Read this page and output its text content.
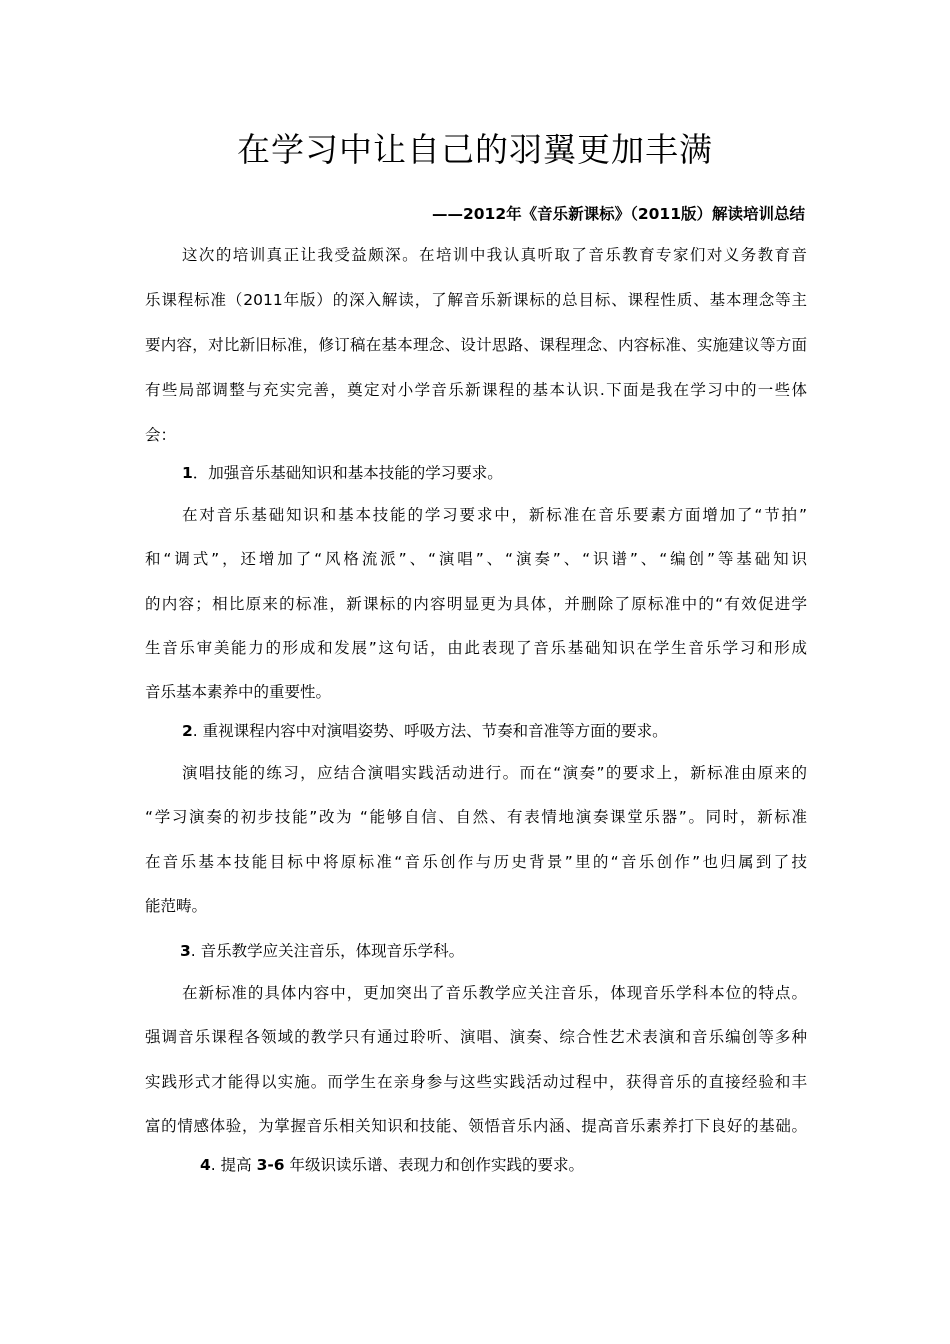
在学习中让自己的羽翼更加丰满
——2012年《音乐新课标》（2011版）解读培训总结
这次的培训真正让我受益颇深。在培训中我认真听取了音乐教育专家们对义务教育音
乐课程标准（2011年版）的深入解读，了解音乐新课标的总目标、课程性质、基本理念等主
要内容，对比新旧标准，修订稿在基本理念、设计思路、课程理念、内容标准、实施建议等方面
有些局部调整与充实完善，奠定对小学音乐新课程的基本认识.下面是我在学习中的一些体
会：
1．加强音乐基础知识和基本技能的学习要求。
在对音乐基础知识和基本技能的学习要求中，新标准在音乐要素方面增加了“节拍”
和“调式”，还增加了“风格流派”、“演唱”、“演奏”、“识谱”、“编创”等基础知识
的内容；相比原来的标准，新课标的内容明显更为具体，并删除了原标准中的“有效促进学
生音乐审美能力的形成和发展”这句话，由此表现了音乐基础知识在学生音乐学习和形成
音乐基本素养中的重要性。
2. 重视课程内容中对演唱姿势、呼吸方法、节奏和音准等方面的要求。
演唱技能的练习，应结合演唱实践活动进行。而在“演奏”的要求上，新标准由原来的
“学习演奏的初步技能”改为 “能够自信、自然、有表情地演奏课堂乐器”。同时，新标准
在音乐基本技能目标中将原标准“音乐创作与历史背景”里的“音乐创作”也归属到了技
能范畴。
3. 音乐教学应关注音乐，体现音乐学科。
在新标准的具体内容中，更加突出了音乐教学应关注音乐，体现音乐学科本位的特点。
强调音乐课程各领域的教学只有通过聆听、演唱、演奏、综合性艺术表演和音乐编创等多种
实践形式才能得以实施。而学生在亲身参与这些实践活动过程中，获得音乐的直接经验和丰
富的情感体验，为掌握音乐相关知识和技能、领悟音乐内涵、提高音乐素养打下良好的基础。
4. 提高 3-6 年级识读乐谱、表现力和创作实践的要求。
